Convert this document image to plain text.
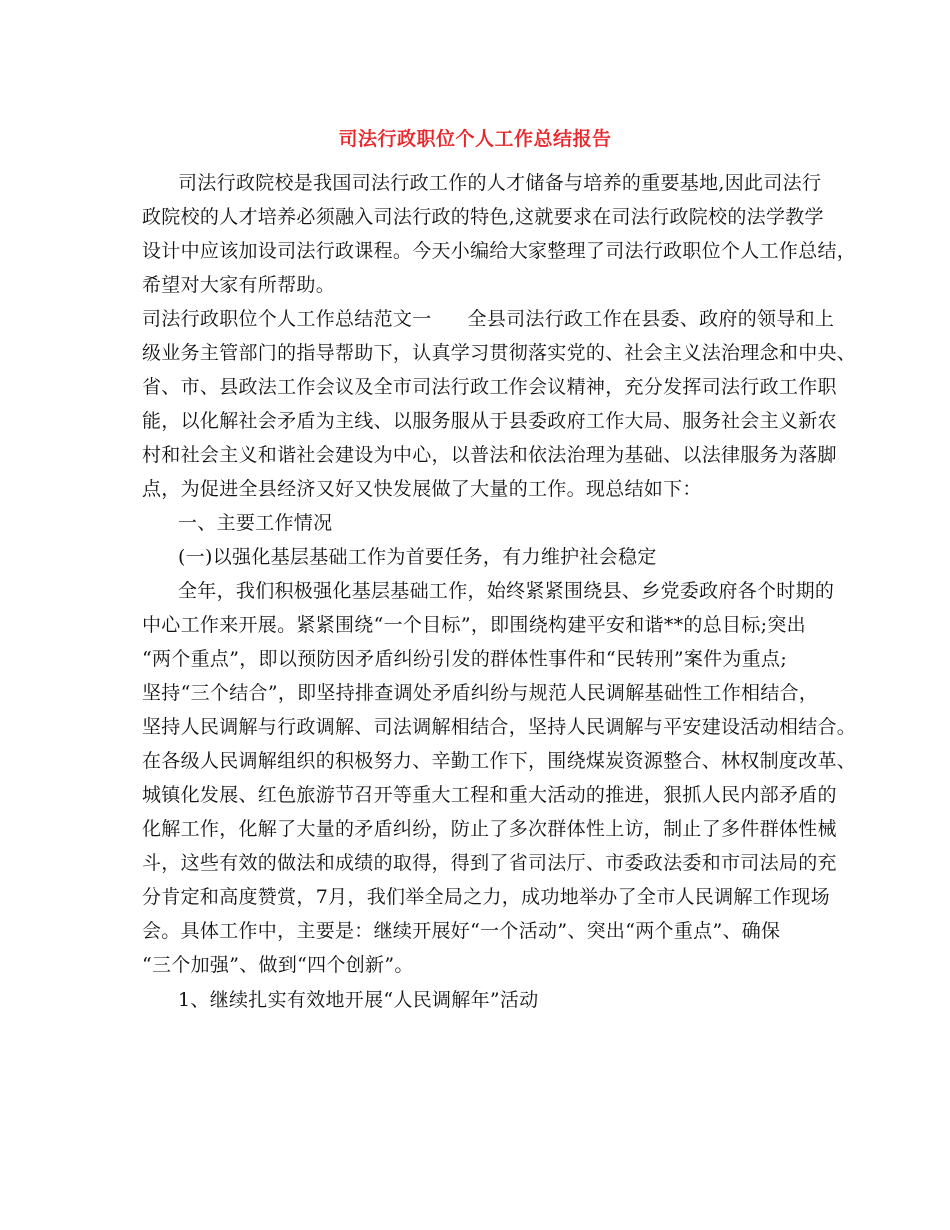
司法行政职位个人工作总结报告
司法行政院校是我国司法行政工作的人才储备与培养的重要基地,因此司法行
政院校的人才培养必须融入司法行政的特色,这就要求在司法行政院校的法学教学
设计中应该加设司法行政课程。今天小编给大家整理了司法行政职位个人工作总结，
希望对大家有所帮助。
司法行政职位个人工作总结范文一 全县司法行政工作在县委、政府的领导和上
级业务主管部门的指导帮助下，认真学习贯彻落实党的、社会主义法治理念和中央、
省、市、县政法工作会议及全市司法行政工作会议精神，充分发挥司法行政工作职
能，以化解社会矛盾为主线、以服务服从于县委政府工作大局、服务社会主义新农
村和社会主义和谐社会建设为中心，以普法和依法治理为基础、以法律服务为落脚
点，为促进全县经济又好又快发展做了大量的工作。现总结如下：
一、主要工作情况
(一)以强化基层基础工作为首要任务，有力维护社会稳定
全年，我们积极强化基层基础工作，始终紧紧围绕县、乡党委政府各个时期的
中心工作来开展。紧紧围绕“一个目标”，即围绕构建平安和谐**的总目标;突出
“两个重点”，即以预防因矛盾纠纷引发的群体性事件和“民转刑”案件为重点;
坚持“三个结合”，即坚持排查调处矛盾纠纷与规范人民调解基础性工作相结合，
坚持人民调解与行政调解、司法调解相结合，坚持人民调解与平安建设活动相结合。
在各级人民调解组织的积极努力、辛勤工作下，围绕煤炭资源整合、林权制度改革、
城镇化发展、红色旅游节召开等重大工程和重大活动的推进，狠抓人民内部矛盾的
化解工作，化解了大量的矛盾纠纷，防止了多次群体性上访，制止了多件群体性械
斗，这些有效的做法和成绩的取得，得到了省司法厅、市委政法委和市司法局的充
分肯定和高度赞赏，7月，我们举全局之力，成功地举办了全市人民调解工作现场
会。具体工作中，主要是：继续开展好“一个活动”、突出“两个重点”、确保
“三个加强”、做到“四个创新”。
1、继续扎实有效地开展“人民调解年”活动
